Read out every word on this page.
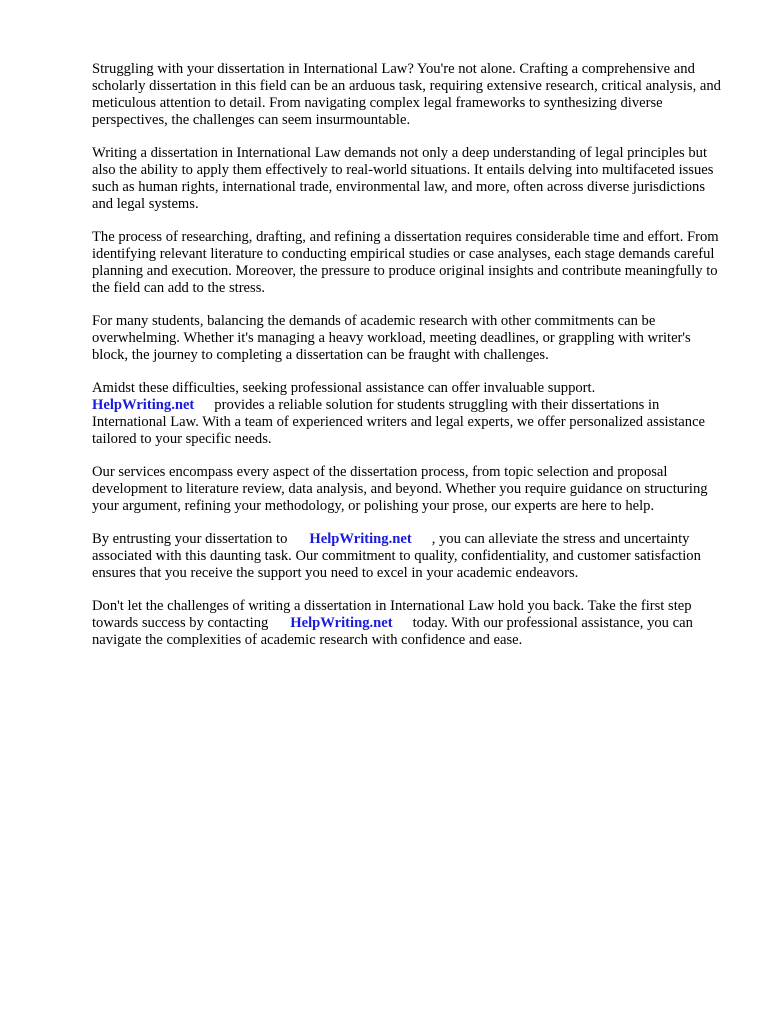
Struggling with your dissertation in International Law? You're not alone. Crafting a comprehensive and scholarly dissertation in this field can be an arduous task, requiring extensive research, critical analysis, and meticulous attention to detail. From navigating complex legal frameworks to synthesizing diverse perspectives, the challenges can seem insurmountable.

Writing a dissertation in International Law demands not only a deep understanding of legal principles but also the ability to apply them effectively to real-world situations. It entails delving into multifaceted issues such as human rights, international trade, environmental law, and more, often across diverse jurisdictions and legal systems.

The process of researching, drafting, and refining a dissertation requires considerable time and effort. From identifying relevant literature to conducting empirical studies or case analyses, each stage demands careful planning and execution. Moreover, the pressure to produce original insights and contribute meaningfully to the field can add to the stress.

For many students, balancing the demands of academic research with other commitments can be overwhelming. Whether it's managing a heavy workload, meeting deadlines, or grappling with writer's block, the journey to completing a dissertation can be fraught with challenges.

Amidst these difficulties, seeking professional assistance can offer invaluable support.
HelpWriting.net provides a reliable solution for students struggling with their dissertations in International Law. With a team of experienced writers and legal experts, we offer personalized assistance tailored to your specific needs.

Our services encompass every aspect of the dissertation process, from topic selection and proposal development to literature review, data analysis, and beyond. Whether you require guidance on structuring your argument, refining your methodology, or polishing your prose, our experts are here to help.

By entrusting your dissertation to HelpWriting.net , you can alleviate the stress and uncertainty associated with this daunting task. Our commitment to quality, confidentiality, and customer satisfaction ensures that you receive the support you need to excel in your academic endeavors.

Don't let the challenges of writing a dissertation in International Law hold you back. Take the first step towards success by contacting HelpWriting.net today. With our professional assistance, you can navigate the complexities of academic research with confidence and ease.
